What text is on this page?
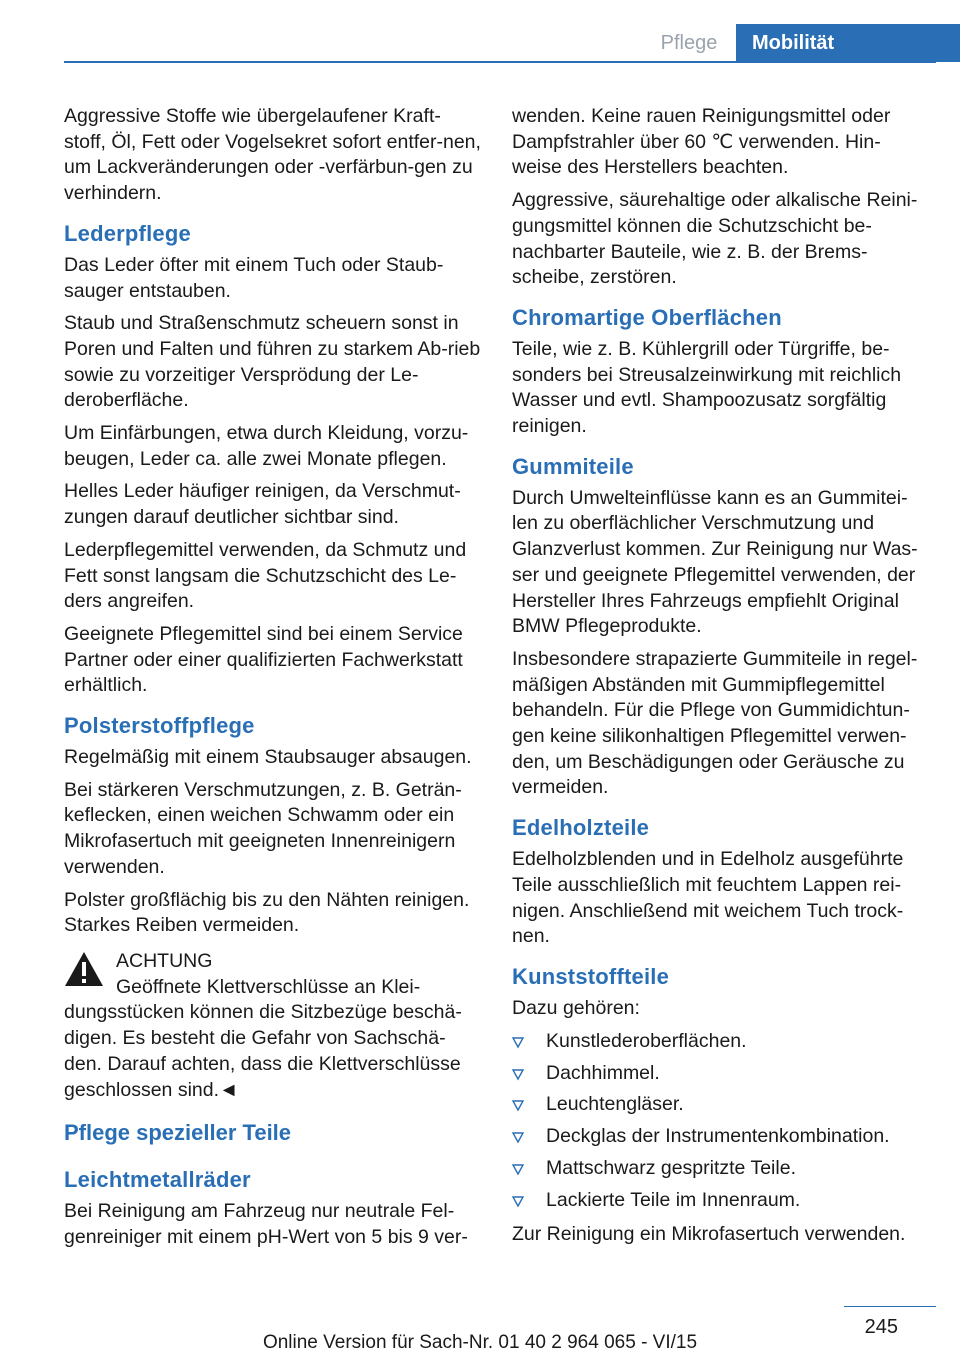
Pflege	Mobilität

Aggressive Stoffe wie übergelaufener Kraft-stoff, Öl, Fett oder Vogelsekret sofort entfer-nen, um Lackveränderungen oder -verfärbun-gen zu verhindern.

Lederpflege

Das Leder öfter mit einem Tuch oder Staub-sauger entstauben.

Staub und Straßenschmutz scheuern sonst in Poren und Falten und führen zu starkem Ab-rieb sowie zu vorzeitiger Versprödung der Le-deroberfläche.

Um Einfärbungen, etwa durch Kleidung, vorzu-beugen, Leder ca. alle zwei Monate pflegen.

Helles Leder häufiger reinigen, da Verschmut-zungen darauf deutlicher sichtbar sind.

Lederpflegemittel verwenden, da Schmutz und Fett sonst langsam die Schutzschicht des Le-ders angreifen.

Geeignete Pflegemittel sind bei einem Service Partner oder einer qualifizierten Fachwerkstatt erhältlich.

Polsterstoffpflege

Regelmäßig mit einem Staubsauger absaugen.

Bei stärkeren Verschmutzungen, z. B. Geträn-keflecken, einen weichen Schwamm oder ein Mikrofasertuch mit geeigneten Innenreinigern verwenden.

Polster großflächig bis zu den Nähten reinigen. Starkes Reiben vermeiden.

ACHTUNG

Geöffnete Klettverschlüsse an Klei-

dungsstücken können die Sitzbezüge beschä-digen. Es besteht die Gefahr von Sachschä-den. Darauf achten, dass die Klettverschlüsse geschlossen sind.◄

Pflege spezieller Teile
Leichtmetallräder

Bei Reinigung am Fahrzeug nur neutrale Fel-genreiniger mit einem pH-Wert von 5 bis 9 ver-

wenden. Keine rauen Reinigungsmittel oder Dampfstrahler über 60 ℃ verwenden. Hin-weise des Herstellers beachten.

Aggressive, säurehaltige oder alkalische Reini-gungsmittel können die Schutzschicht be-nachbarter Bauteile, wie z. B. der Brems-scheibe, zerstören.

Chromartige Oberflächen

Teile, wie z. B. Kühlergrill oder Türgriffe, be-sonders bei Streusalzeinwirkung mit reichlich Wasser und evtl. Shampoozusatz sorgfältig reinigen.

Gummiteile

Durch Umwelteinflüsse kann es an Gummitei-len zu oberflächlicher Verschmutzung und Glanzverlust kommen. Zur Reinigung nur Was-ser und geeignete Pflegemittel verwenden, der Hersteller Ihres Fahrzeugs empfiehlt Original BMW Pflegeprodukte.

Insbesondere strapazierte Gummiteile in regel-mäßigen Abständen mit Gummipflegemittel behandeln. Für die Pflege von Gummidichtun-gen keine silikonhaltigen Pflegemittel verwen-den, um Beschädigungen oder Geräusche zu vermeiden.

Edelholzteile

Edelholzblenden und in Edelholz ausgeführte Teile ausschließlich mit feuchtem Lappen rei-nigen. Anschließend mit weichem Tuch trock-nen.

Kunststoffteile

Dazu gehören:

Kunstlederoberflächen.
Dachhimmel.
Leuchtengläser.
Deckglas der Instrumentenkombination.
Mattschwarz gespritzte Teile.
Lackierte Teile im Innenraum.

Zur Reinigung ein Mikrofasertuch verwenden.

245
Online Version für Sach-Nr. 01 40 2 964 065 - VI/15
